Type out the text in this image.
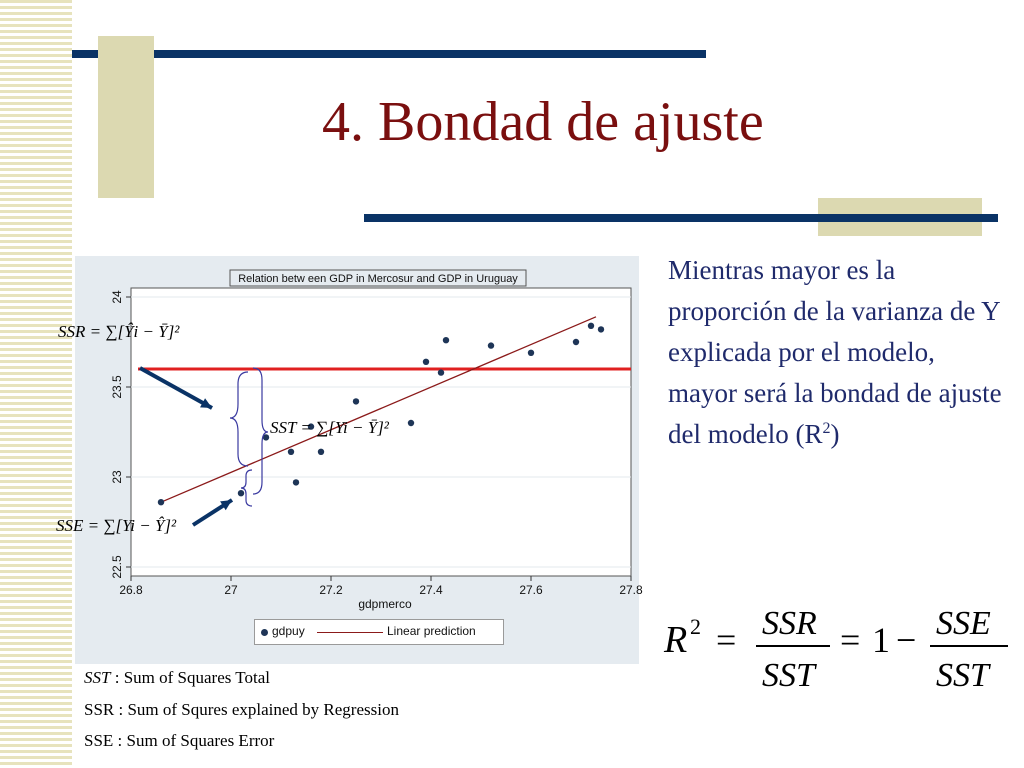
4. Bondad de ajuste
Mientras mayor es la proporción de la varianza de Y explicada por el modelo, mayor será la bondad de ajuste del modelo $(R^2)$
26.8	27	27.2	27.4	27.6	27.8
22.5
23
23.5
24
gdpmerco
Relation betw een GDP in Mercosur and GDP in Uruguay
gdpuy	Linear prediction
SSR = ∑[Ŷi − Ȳ]²
SST = ∑[Yi − Ȳ]²
SSE = ∑[Yi − Ŷ]²
R 2 = SSR
SST
= 1 − SSE
SST
SST : Sum of Squares Total
SSR : Sum of Squres explained by Regression
SSE : Sum of Squares Error
